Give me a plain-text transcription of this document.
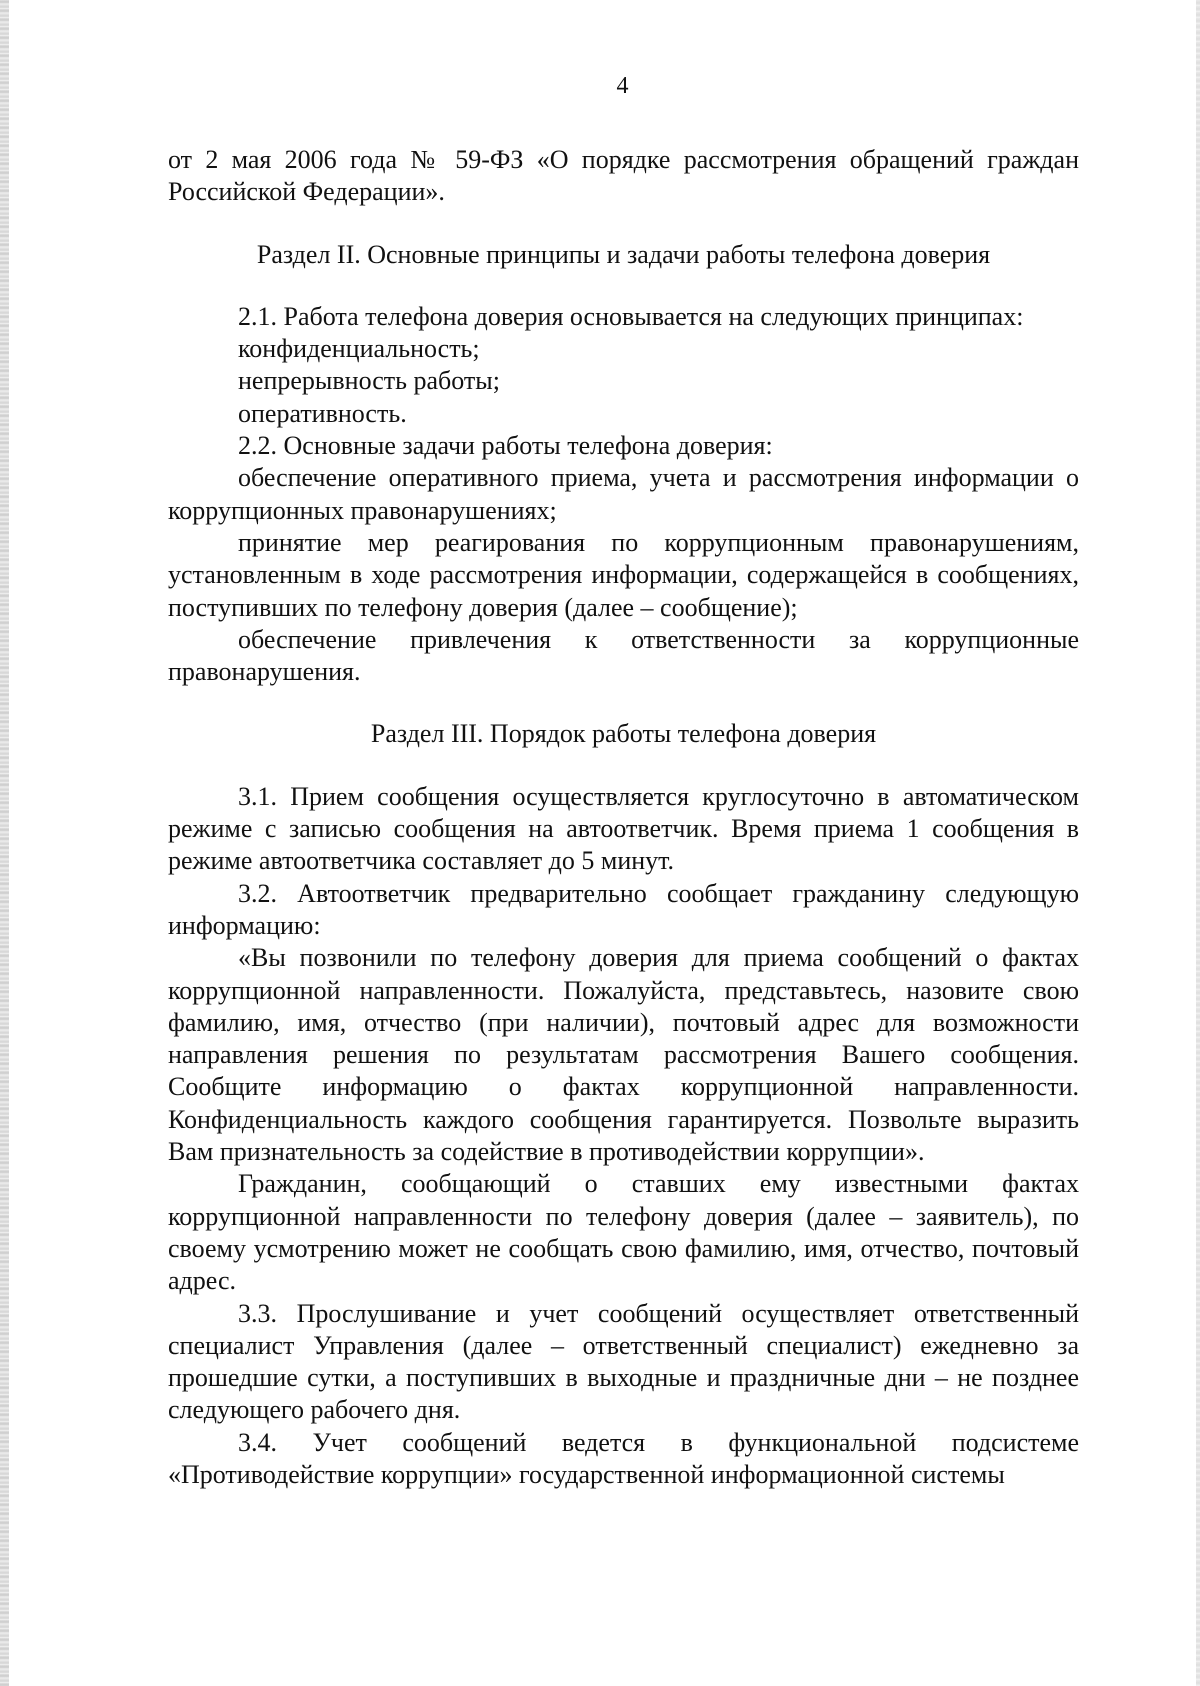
4

от 2 мая 2006 года № 59-ФЗ «О порядке рассмотрения обращений граждан Российской Федерации».

Раздел II. Основные принципы и задачи работы телефона доверия

2.1. Работа телефона доверия основывается на следующих принципах:

конфиденциальность;

непрерывность работы;

оперативность.

2.2. Основные задачи работы телефона доверия:

обеспечение оперативного приема, учета и рассмотрения информации о коррупционных правонарушениях;

принятие мер реагирования по коррупционным правонарушениям, установленным в ходе рассмотрения информации, содержащейся в сообщениях, поступивших по телефону доверия (далее – сообщение);

обеспечение привлечения к ответственности за коррупционные правонарушения.

Раздел III. Порядок работы телефона доверия

3.1. Прием сообщения осуществляется круглосуточно в автоматическом режиме с записью сообщения на автоответчик. Время приема 1 сообщения в режиме автоответчика составляет до 5 минут.

3.2. Автоответчик предварительно сообщает гражданину следующую информацию:

«Вы позвонили по телефону доверия для приема сообщений о фактах коррупционной направленности. Пожалуйста, представьтесь, назовите свою фамилию, имя, отчество (при наличии), почтовый адрес для возможности направления решения по результатам рассмотрения Вашего сообщения. Сообщите информацию о фактах коррупционной направленности. Конфиденциальность каждого сообщения гарантируется. Позвольте выразить Вам признательность за содействие в противодействии коррупции».

Гражданин, сообщающий о ставших ему известными фактах коррупционной направленности по телефону доверия (далее – заявитель), по своему усмотрению может не сообщать свою фамилию, имя, отчество, почтовый адрес.

3.3. Прослушивание и учет сообщений осуществляет ответственный специалист Управления (далее – ответственный специалист) ежедневно за прошедшие сутки, а поступивших в выходные и праздничные дни – не позднее следующего рабочего дня.

3.4. Учет сообщений ведется в функциональной подсистеме «Противодействие коррупции» государственной информационной системы
